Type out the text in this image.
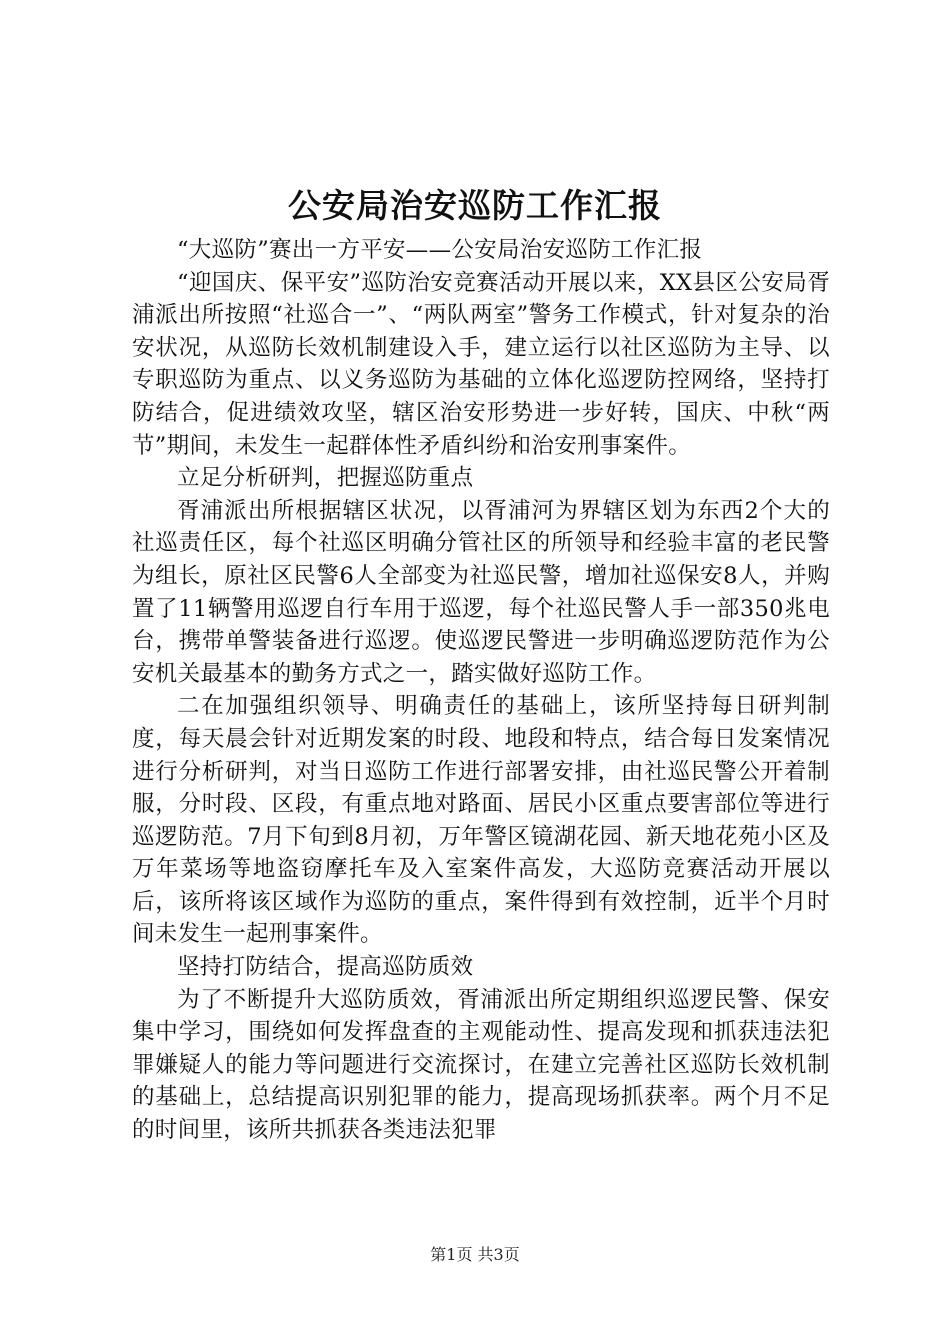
公安局治安巡防工作汇报

“大巡防”赛出一方平安——公安局治安巡防工作汇报

“迎国庆、保平安”巡防治安竞赛活动开展以来，XX县区公安局胥浦派出所按照“社巡合一”、“两队两室”警务工作模式，针对复杂的治安状况，从巡防长效机制建设入手，建立运行以社区巡防为主导、以专职巡防为重点、以义务巡防为基础的立体化巡逻防控网络，坚持打防结合，促进绩效攻坚，辖区治安形势进一步好转，国庆、中秋“两节”期间，未发生一起群体性矛盾纠纷和治安刑事案件。

立足分析研判，把握巡防重点

胥浦派出所根据辖区状况，以胥浦河为界辖区划为东西2个大的社巡责任区，每个社巡区明确分管社区的所领导和经验丰富的老民警为组长，原社区民警6人全部变为社巡民警，增加社巡保安8人，并购置了11辆警用巡逻自行车用于巡逻，每个社巡民警人手一部350兆电台，携带单警装备进行巡逻。使巡逻民警进一步明确巡逻防范作为公安机关最基本的勤务方式之一，踏实做好巡防工作。

二在加强组织领导、明确责任的基础上，该所坚持每日研判制度，每天晨会针对近期发案的时段、地段和特点，结合每日发案情况进行分析研判，对当日巡防工作进行部署安排，由社巡民警公开着制服，分时段、区段，有重点地对路面、居民小区重点要害部位等进行巡逻防范。7月下旬到8月初，万年警区镜湖花园、新天地花苑小区及万年菜场等地盗窃摩托车及入室案件高发，大巡防竞赛活动开展以后，该所将该区域作为巡防的重点，案件得到有效控制，近半个月时间未发生一起刑事案件。

坚持打防结合，提高巡防质效

为了不断提升大巡防质效，胥浦派出所定期组织巡逻民警、保安集中学习，围绕如何发挥盘查的主观能动性、提高发现和抓获违法犯罪嫌疑人的能力等问题进行交流探讨，在建立完善社区巡防长效机制的基础上，总结提高识别犯罪的能力，提高现场抓获率。两个月不足的时间里，该所共抓获各类违法犯罪

第1页 共3页
